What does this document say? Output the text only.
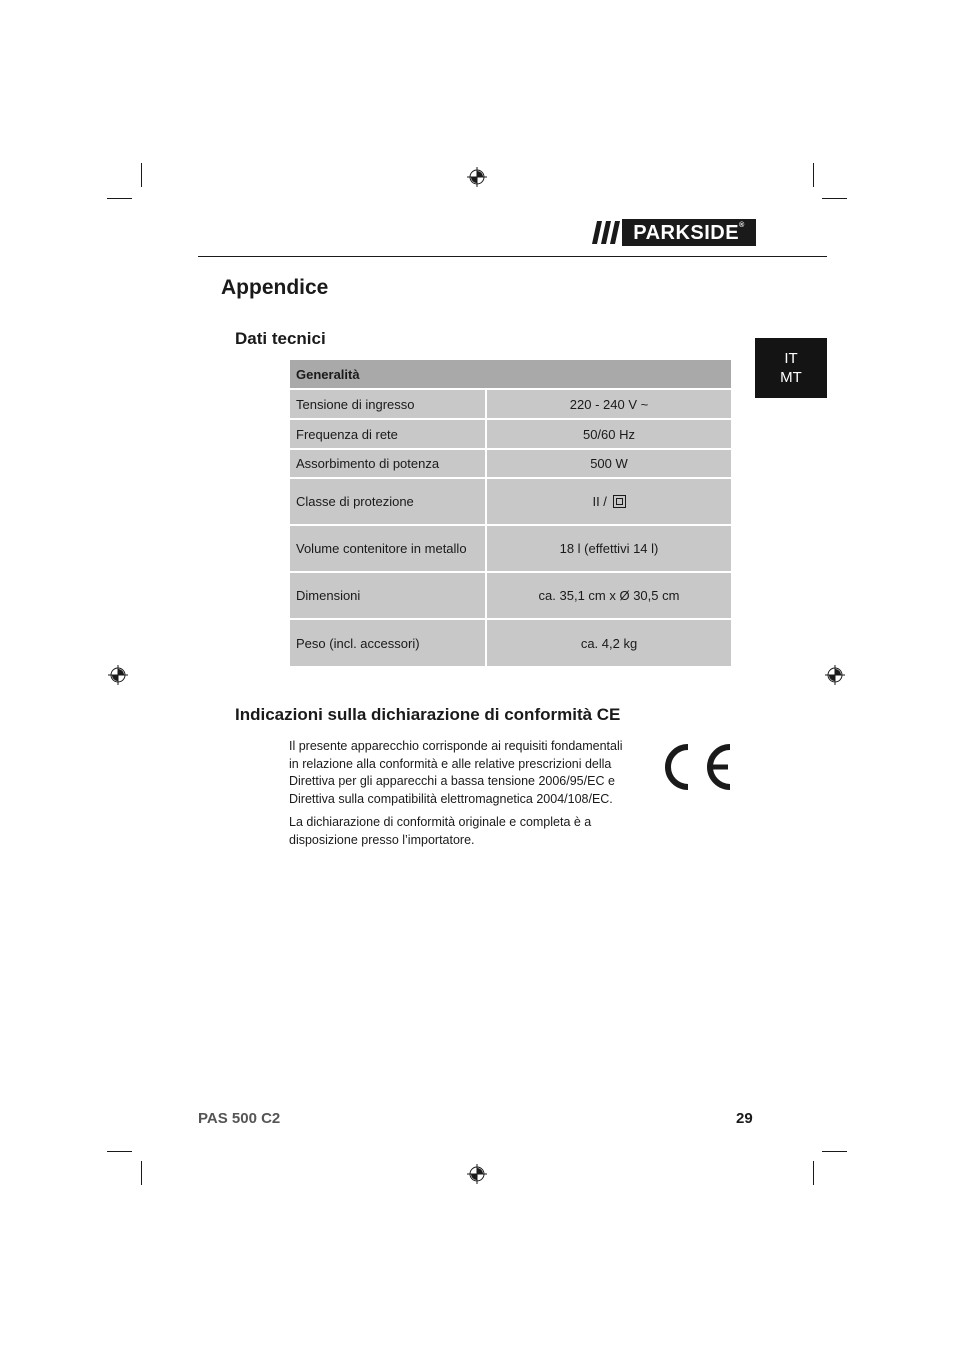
PARKSIDE ®
Appendice
IT
MT
Dati tecnici
Generalità	
Tensione di ingresso	220 - 240 V ~
Frequenza di rete	50/60 Hz
Assorbimento di potenza	500 W
Classe di protezione	II /
Volume contenitore in metallo	18 l (effettivi 14 l)
Dimensioni	ca. 35,1 cm x Ø 30,5 cm
Peso (incl. accessori)	ca. 4,2 kg
Indicazioni sulla dichiarazione di conformità CE

Il presente apparecchio corrisponde ai requisiti fondamentali in relazione alla conformità e alle relative prescrizioni della Direttiva per gli apparecchi a bassa tensione 2006/95/EC e Direttiva sulla compatibilità elettromagnetica 2004/108/EC.

La dichiarazione di conformità originale e completa è a disposizione presso l’importatore.

PAS 500 C2	29
